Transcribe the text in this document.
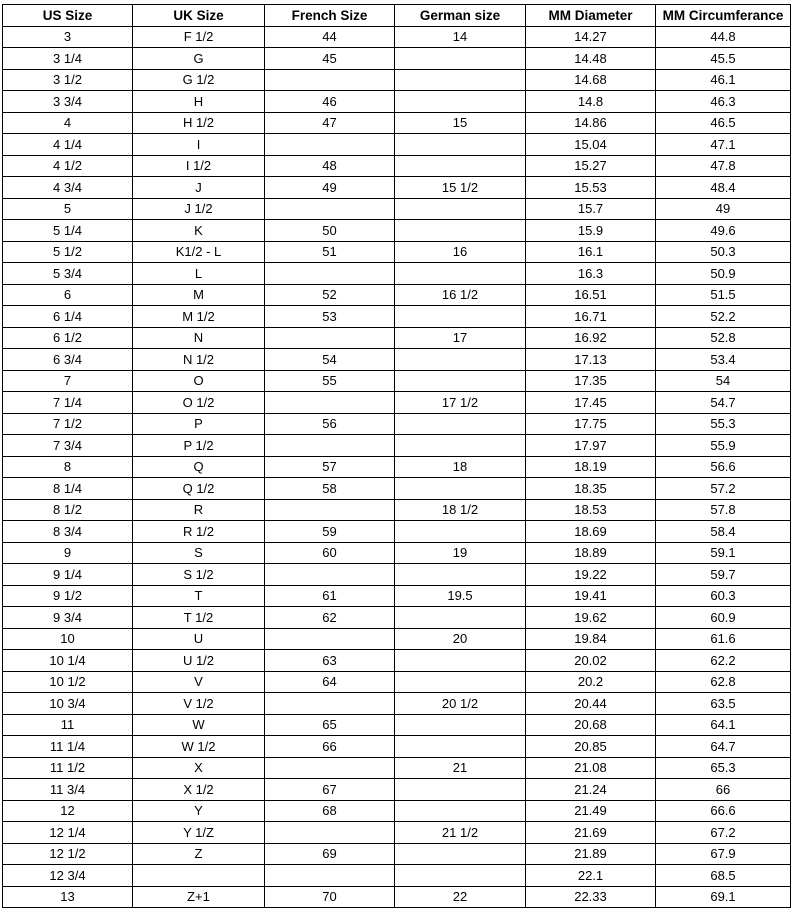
US Size	UK Size	French Size	German size	MM Diameter	MM Circumferance
3	F 1/2	44	14	14.27	44.8
3 1/4	G	45		14.48	45.5
3 1/2	G 1/2			14.68	46.1
3 3/4	H	46		14.8	46.3
4	H 1/2	47	15	14.86	46.5
4 1/4	I			15.04	47.1
4 1/2	I 1/2	48		15.27	47.8
4 3/4	J	49	15 1/2	15.53	48.4
5	J 1/2			15.7	49
5 1/4	K	50		15.9	49.6
5 1/2	K1/2 - L	51	16	16.1	50.3
5 3/4	L			16.3	50.9
6	M	52	16 1/2	16.51	51.5
6 1/4	M 1/2	53		16.71	52.2
6 1/2	N		17	16.92	52.8
6 3/4	N 1/2	54		17.13	53.4
7	O	55		17.35	54
7 1/4	O 1/2		17 1/2	17.45	54.7
7 1/2	P	56		17.75	55.3
7 3/4	P 1/2			17.97	55.9
8	Q	57	18	18.19	56.6
8 1/4	Q 1/2	58		18.35	57.2
8 1/2	R		18 1/2	18.53	57.8
8 3/4	R 1/2	59		18.69	58.4
9	S	60	19	18.89	59.1
9 1/4	S 1/2			19.22	59.7
9 1/2	T	61	19.5	19.41	60.3
9 3/4	T 1/2	62		19.62	60.9
10	U		20	19.84	61.6
10 1/4	U 1/2	63		20.02	62.2
10 1/2	V	64		20.2	62.8
10 3/4	V 1/2		20 1/2	20.44	63.5
11	W	65		20.68	64.1
11 1/4	W 1/2	66		20.85	64.7
11 1/2	X		21	21.08	65.3
11 3/4	X 1/2	67		21.24	66
12	Y	68		21.49	66.6
12 1/4	Y 1/Z		21 1/2	21.69	67.2
12 1/2	Z	69		21.89	67.9
12 3/4				22.1	68.5
13	Z+1	70	22	22.33	69.1
